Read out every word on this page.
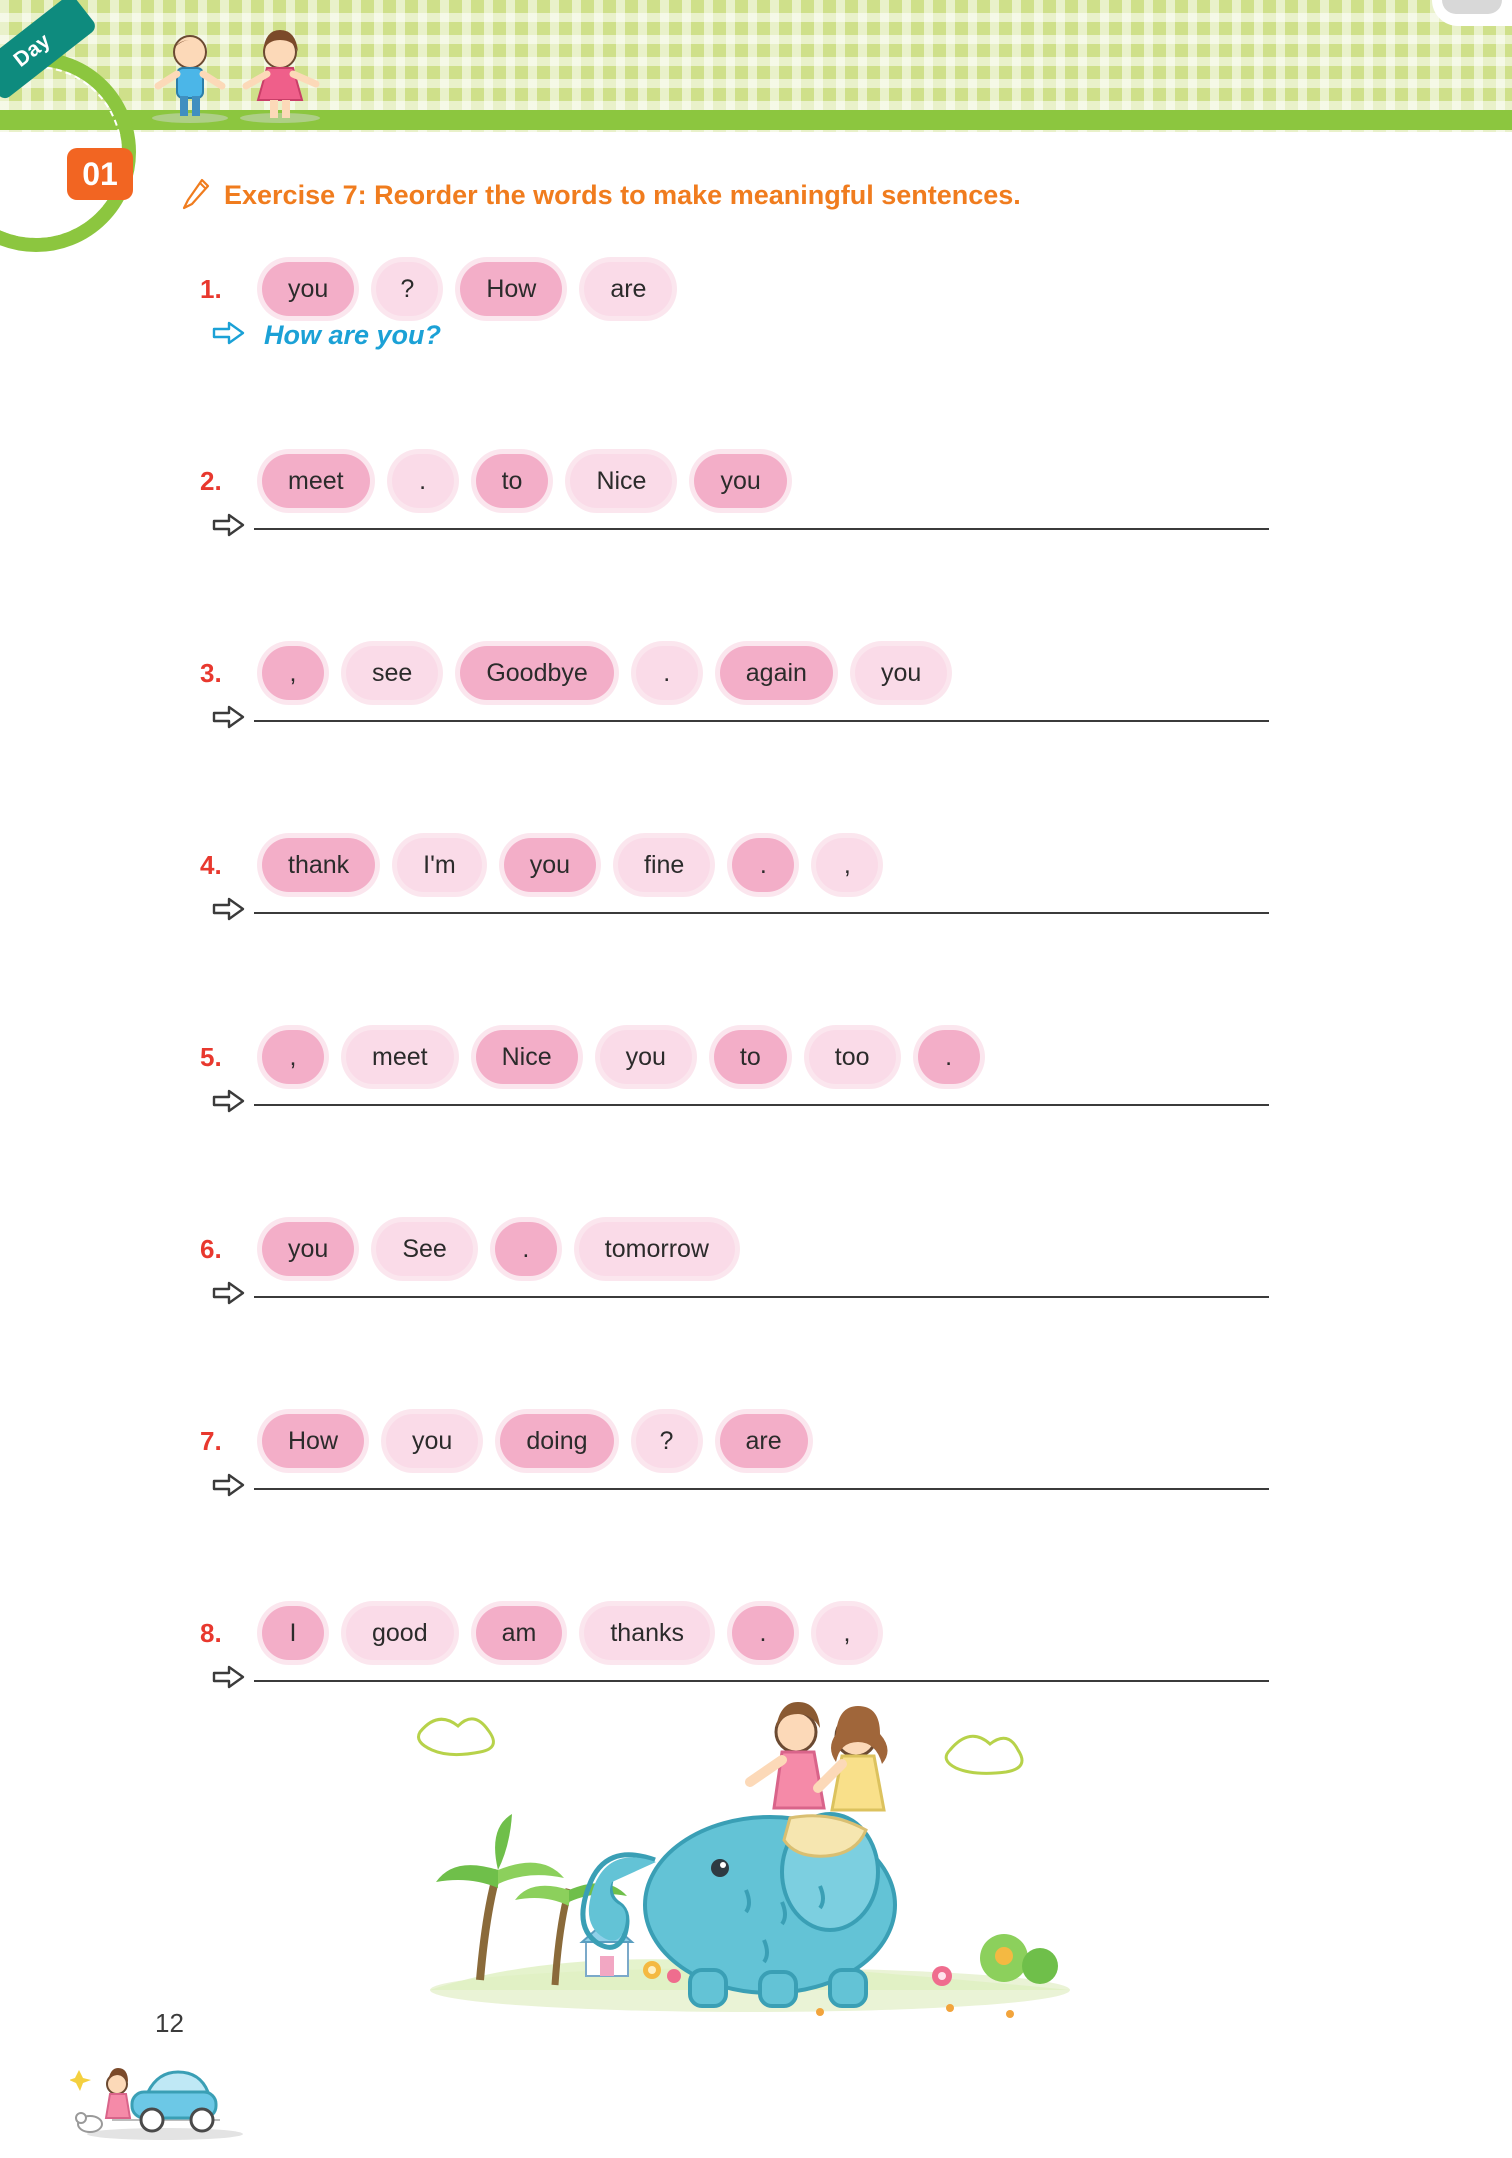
Day
01
Exercise 7: Reorder the words to make meaningful sentences.
1.	you	?	How	are
How are you?
2.	meet	.	to	Nice	you
3.	,	see	Goodbye	.	again	you
4.	thank	I'm	you	fine	.	,
5.	,	meet	Nice	you	to	too	.
6.	you	See	.	tomorrow
7.	How	you	doing	?	are
8.	I	good	am	thanks	.	,
12
